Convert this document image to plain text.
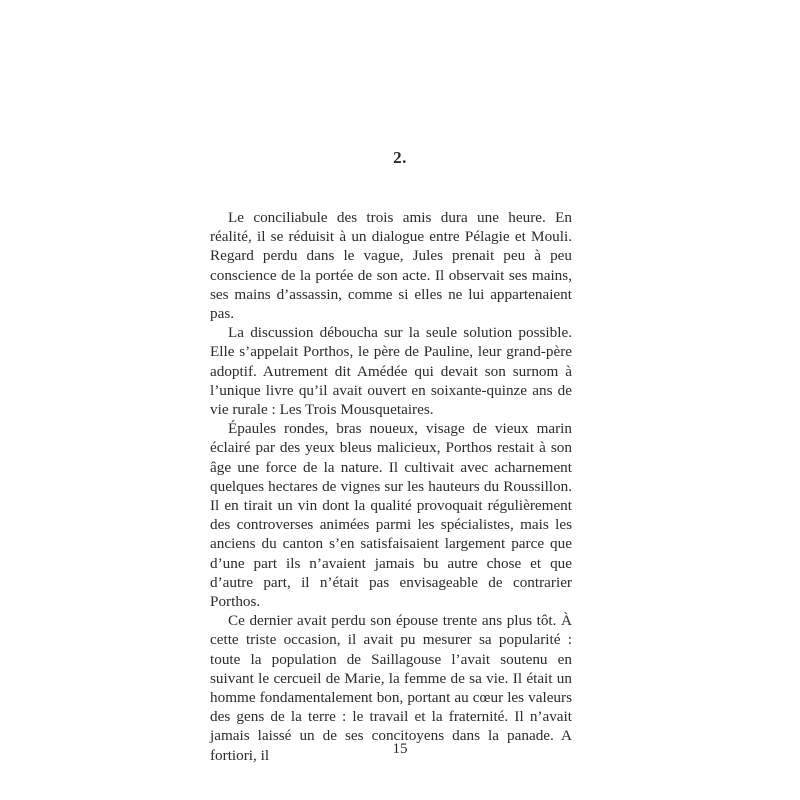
2.

Le conciliabule des trois amis dura une heure. En réalité, il se réduisit à un dialogue entre Pélagie et Mouli. Regard perdu dans le vague, Jules prenait peu à peu conscience de la portée de son acte. Il observait ses mains, ses mains d’assassin, comme si elles ne lui appartenaient pas.

La discussion déboucha sur la seule solution possible. Elle s’appelait Porthos, le père de Pauline, leur grand-père adoptif. Autrement dit Amédée qui devait son surnom à l’unique livre qu’il avait ouvert en soixante-quinze ans de vie rurale : Les Trois Mousquetaires.

Épaules rondes, bras noueux, visage de vieux marin éclairé par des yeux bleus malicieux, Porthos restait à son âge une force de la nature. Il cultivait avec acharnement quelques hectares de vignes sur les hauteurs du Roussillon. Il en tirait un vin dont la qualité provoquait régulièrement des controverses animées parmi les spécialistes, mais les anciens du canton s’en satisfaisaient largement parce que d’une part ils n’avaient jamais bu autre chose et que d’autre part, il n’était pas envisageable de contrarier Porthos.

Ce dernier avait perdu son épouse trente ans plus tôt. À cette triste occasion, il avait pu mesurer sa popularité : toute la population de Saillagouse l’avait soutenu en suivant le cercueil de Marie, la femme de sa vie. Il était un homme fondamentalement bon, portant au cœur les valeurs des gens de la terre : le travail et la fraternité. Il n’avait jamais laissé un de ses concitoyens dans la panade. A fortiori, il	15
